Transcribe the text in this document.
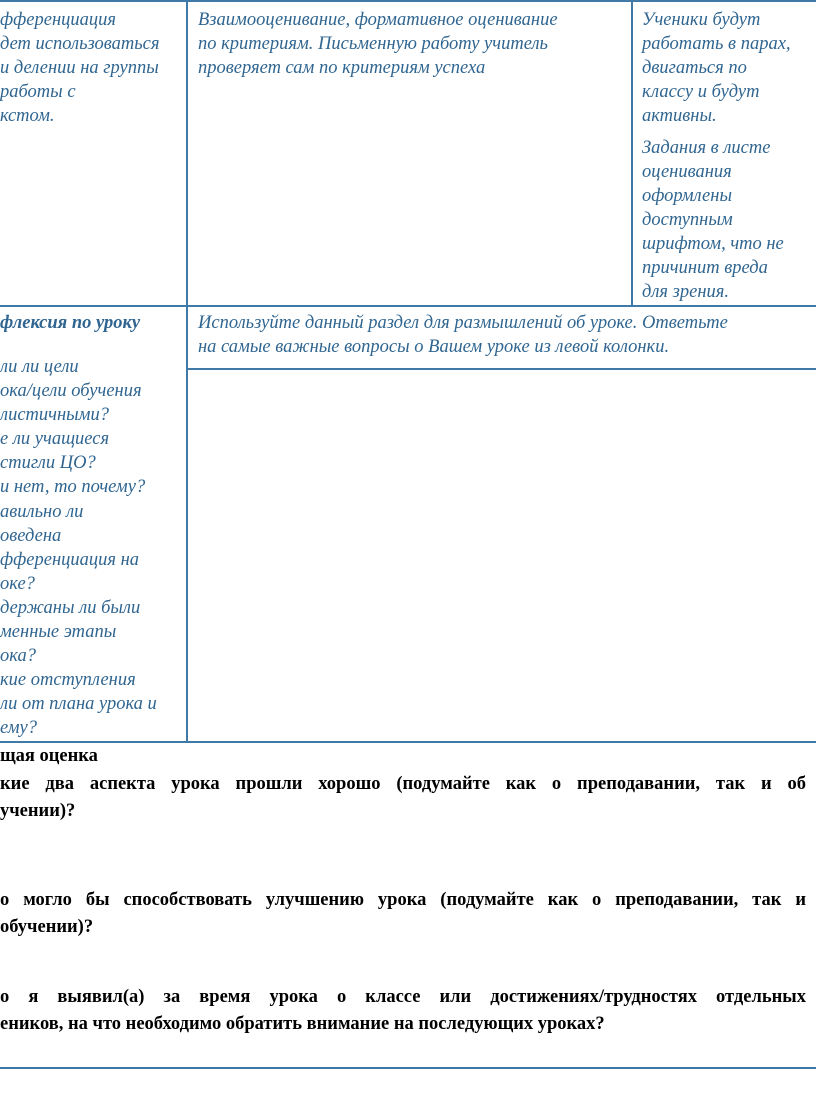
фференциация
дет использоваться
и делении на группы
работы с
кстом.
Взаимооценивание, формативное оценивание
по критериям. Письменную работу учитель
проверяет сам по критериям успеха
Ученики будут
работать в парах,
двигаться по
классу и будут
активны.
Задания в листе
оценивания
оформлены
доступным
шрифтом, что не
причинит вреда
для зрения.
флексия по уроку
ли ли цели
ока/цели обучения
листичными?
е ли учащиеся
стигли ЦО?
и нет, то почему?
авильно ли
оведена
фференциация на
оке?
держаны ли были
менные этапы
ока?
кие отступления
ли от плана урока и
ему?
Используйте данный раздел для размышлений об уроке. Ответьте
на самые важные вопросы о Вашем уроке из левой колонки.
щая оценка
кие два аспекта урока прошли хорошо (подумайте как о преподавании, так и об
учении)?
о могло бы способствовать улучшению урока (подумайте как о преподавании, так и
обучении)?
о я выявил(а) за время урока о классе или достижениях/трудностях отдельных
еников, на что необходимо обратить внимание на последующих уроках?
